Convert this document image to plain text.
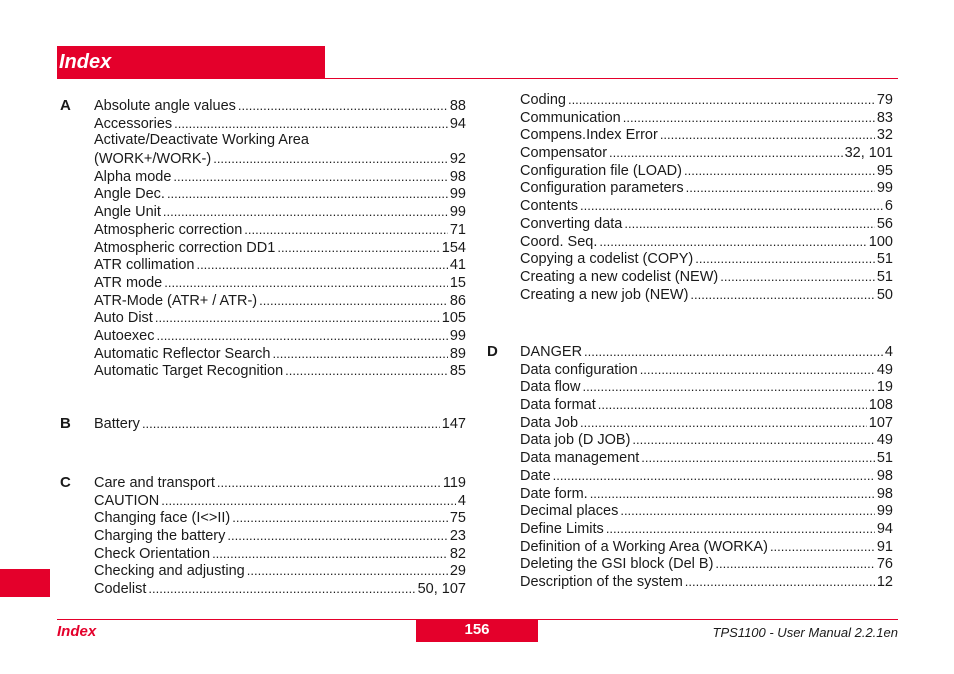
Index
A
B
C
D
Absolute angle values .....	88
Accessories .....	94
Activate/Deactivate Working Area
(WORK+/WORK-) .....	92
Alpha mode .....	98
Angle Dec. .....	99
Angle Unit .....	99
Atmospheric correction .....	71
Atmospheric correction DD1 .....	154
ATR collimation .....	41
ATR mode .....	15
ATR-Mode (ATR+ / ATR-) .....	86
Auto Dist .....	105
Autoexec .....	99
Automatic Reflector Search .....	89
Automatic Target Recognition .....	85
Battery .....	147
Care and transport .....	119
CAUTION .....	4
Changing face (I<>II) .....	75
Charging the battery .....	23
Check Orientation .....	82
Checking and adjusting .....	29
Codelist .....	50, 107
Coding .....	79
Communication .....	83
Compens.Index Error .....	32
Compensator .....	32, 101
Configuration file (LOAD) .....	95
Configuration parameters .....	99
Contents .....	6
Converting data .....	56
Coord. Seq. .....	100
Copying a codelist (COPY) .....	51
Creating a new codelist (NEW) .....	51
Creating a new job (NEW) .....	50
DANGER .....	4
Data configuration .....	49
Data flow .....	19
Data format .....	108
Data Job .....	107
Data job (D JOB) .....	49
Data management .....	51
Date .....	98
Date form. .....	98
Decimal places .....	99
Define Limits .....	94
Definition of a Working Area (WORKA) .....	91
Deleting the GSI block (Del B) .....	76
Description of the system .....	12
Index	156	TPS1100 - User Manual 2.2.1en
